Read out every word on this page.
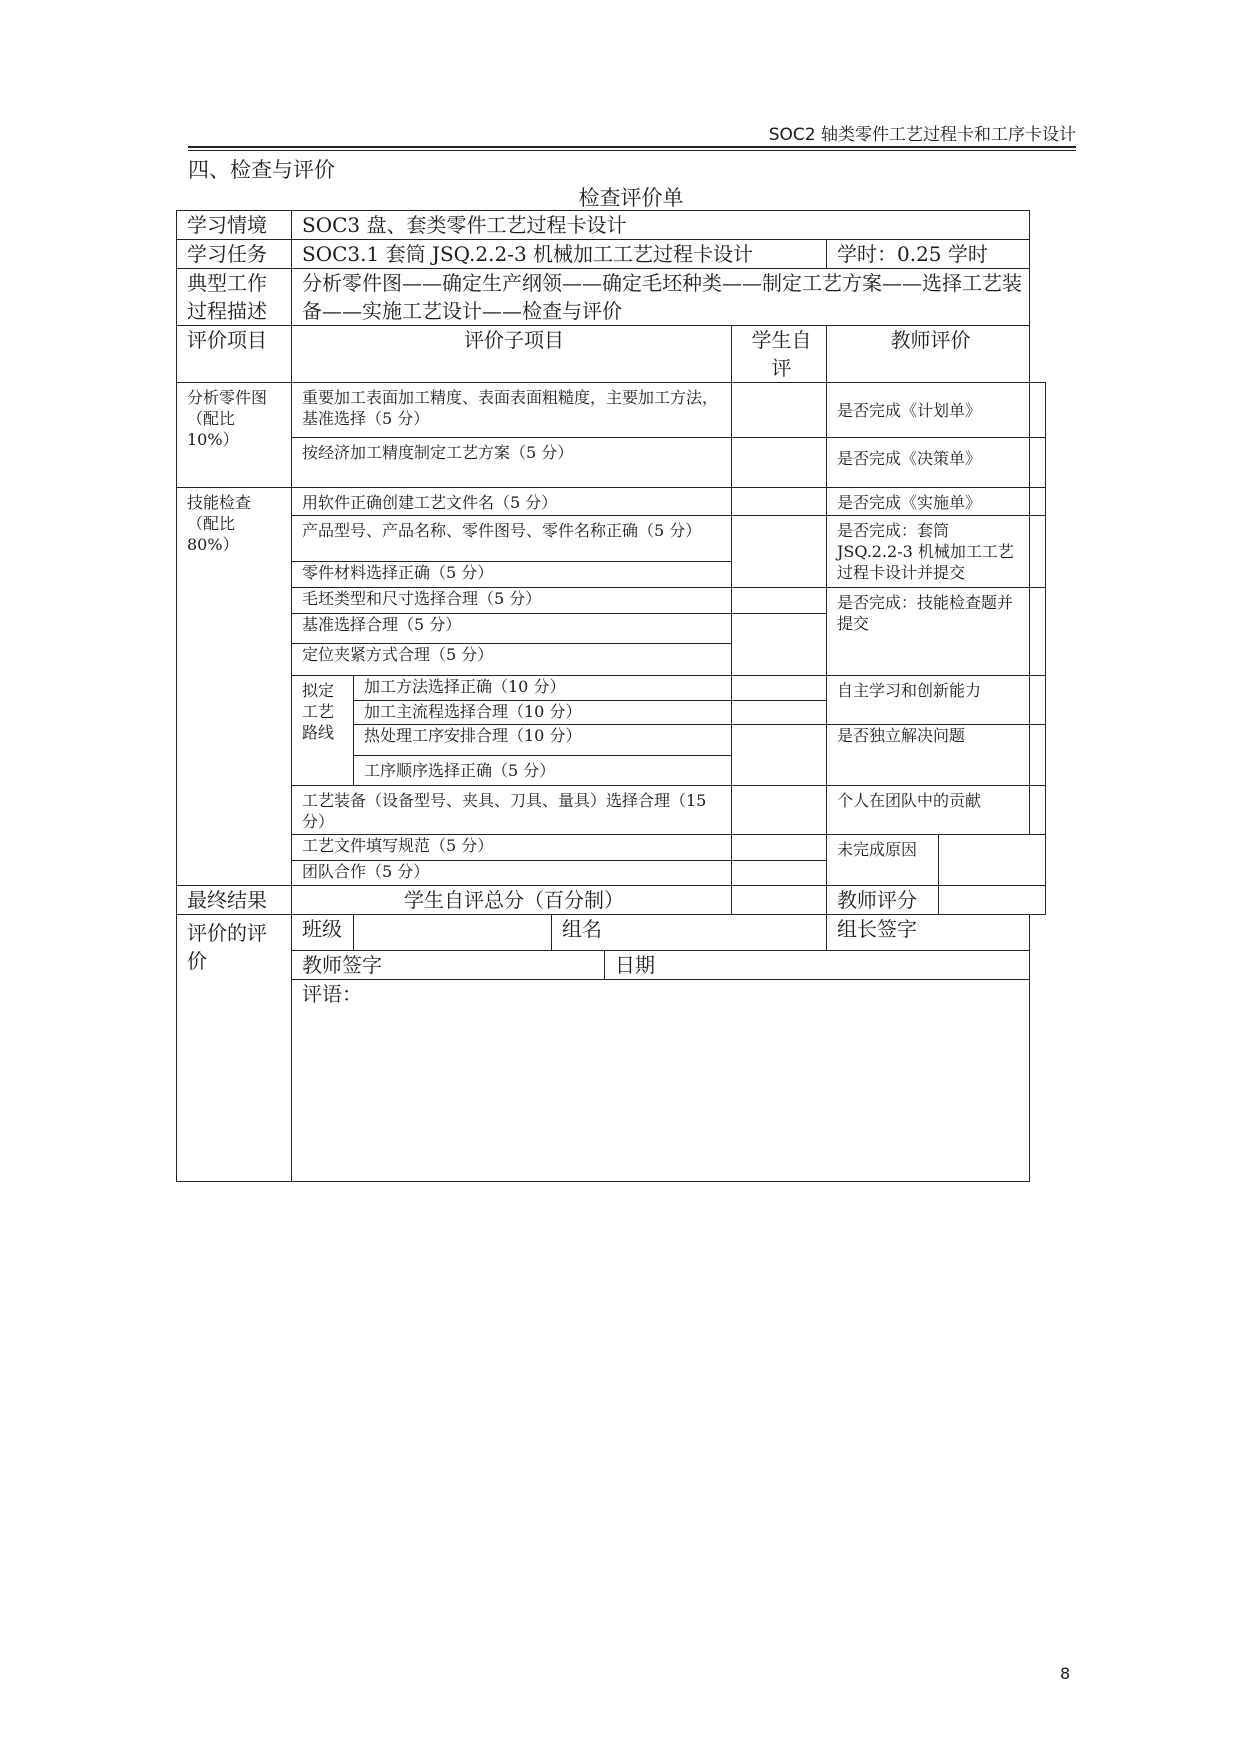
SOC2 轴类零件工艺过程卡和工序卡设计
四、检查与评价
检查评价单
学习情境	SOC3 盘、套类零件工艺过程卡设计							
学习任务	SOC3.1 套筒 JSQ.2.2-3 机械加工工艺过程卡设计					学时：0.25 学时		
典型工作
过程描述	分析零件图——确定生产纲领——确定毛坯种类——制定工艺方案——选择工艺装备——实施工艺设计——检查与评价							
评价项目	评价子项目				学生自评	教师评价		
分析零件图
（配比
10%）	重要加工表面加工精度、表面表面粗糙度，主要加工方法，基准选择（5 分）					是否完成《计划单》		
	按经济加工精度制定工艺方案（5 分）					是否完成《决策单》		
技能检查
（配比
80%）	用软件正确创建工艺文件名（5 分）					是否完成《实施单》		
	产品型号、产品名称、零件图号、零件名称正确（5 分）					是否完成：套筒
JSQ.2.2-3 机械加工工艺
过程卡设计并提交		
	零件材料选择正确（5 分）							
	毛坯类型和尺寸选择合理（5 分）					是否完成：技能检查题并提交		
	基准选择合理（5 分）							
	定位夹紧方式合理（5 分）							
	拟定
工艺
路线	加工方法选择正确（10 分）				自主学习和创新能力		
		加工主流程选择合理（10 分）						
		热处理工序安排合理（10 分）				是否独立解决问题		
		工序顺序选择正确（5 分）						
	工艺装备（设备型号、夹具、刀具、量具）选择合理（15 分）					个人在团队中的贡献		
	工艺文件填写规范（5 分）					未完成原因		
	团队合作（5 分）							

最终结果	学生自评总分（百分制）					教师评分		
评价的评价	班级		组名			组长签字		
	教师签字			日期				
	评语：							
8
